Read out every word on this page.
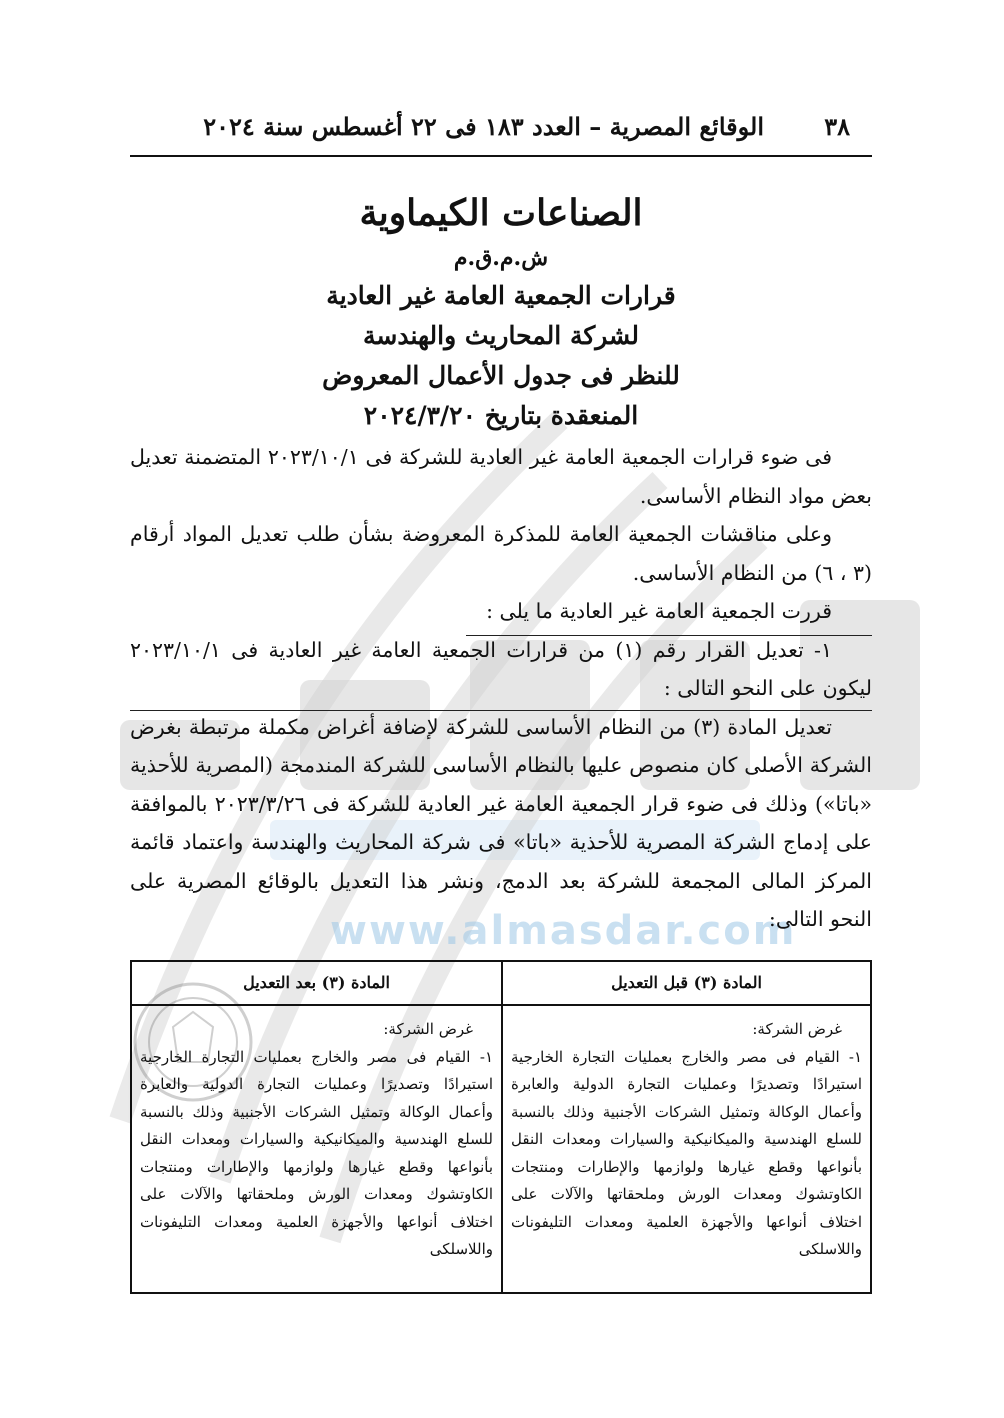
www.almasdar.com
٣٨
الوقائع المصرية – العدد ١٨٣ فى ٢٢ أغسطس سنة ٢٠٢٤
الصناعات الكيماوية
ش.م.ق.م
قرارات الجمعية العامة غير العادية
لشركة المحاريث والهندسة
للنظر فى جدول الأعمال المعروض
المنعقدة بتاريخ ٢٠٢٤/٣/٢٠

فى ضوء قرارات الجمعية العامة غير العادية للشركة فى ٢٠٢٣/١٠/١ المتضمنة تعديل بعض مواد النظام الأساسى.

وعلى مناقشات الجمعية العامة للمذكرة المعروضة بشأن طلب تعديل المواد أرقام (٣ ، ٦) من النظام الأساسى.

قررت الجمعية العامة غير العادية ما يلى :

١- تعديل القرار رقم (١) من قرارات الجمعية العامة غير العادية فى ٢٠٢٣/١٠/١ ليكون على النحو التالى :

تعديل المادة (٣) من النظام الأساسى للشركة لإضافة أغراض مكملة مرتبطة بغرض الشركة الأصلى كان منصوص عليها بالنظام الأساسى للشركة المندمجة (المصرية للأحذية «باتا») وذلك فى ضوء قرار الجمعية العامة غير العادية للشركة فى ٢٠٢٣/٣/٢٦ بالموافقة على إدماج الشركة المصرية للأحذية «باتا» فى شركة المحاريث والهندسة واعتماد قائمة المركز المالى المجمعة للشركة بعد الدمج، ونشر هذا التعديل بالوقائع المصرية على النحو التالى:

المادة (٣) قبل التعديل
غرض الشركة:
١- القيام فى مصر والخارج بعمليات التجارة الخارجية استيرادًا وتصديرًا وعمليات التجارة الدولية والعابرة وأعمال الوكالة وتمثيل الشركات الأجنبية وذلك بالنسبة للسلع الهندسية والميكانيكية والسيارات ومعدات النقل بأنواعها وقطع غيارها ولوازمها والإطارات ومنتجات الكاوتشوك ومعدات الورش وملحقاتها والآلات على اختلاف أنواعها والأجهزة العلمية ومعدات التليفونات واللاسلكى
المادة (٣) بعد التعديل
غرض الشركة:
١- القيام فى مصر والخارج بعمليات التجارة الخارجية استيرادًا وتصديرًا وعمليات التجارة الدولية والعابرة وأعمال الوكالة وتمثيل الشركات الأجنبية وذلك بالنسبة للسلع الهندسية والميكانيكية والسيارات ومعدات النقل بأنواعها وقطع غيارها ولوازمها والإطارات ومنتجات الكاوتشوك ومعدات الورش وملحقاتها والآلات على اختلاف أنواعها والأجهزة العلمية ومعدات التليفونات واللاسلكى
